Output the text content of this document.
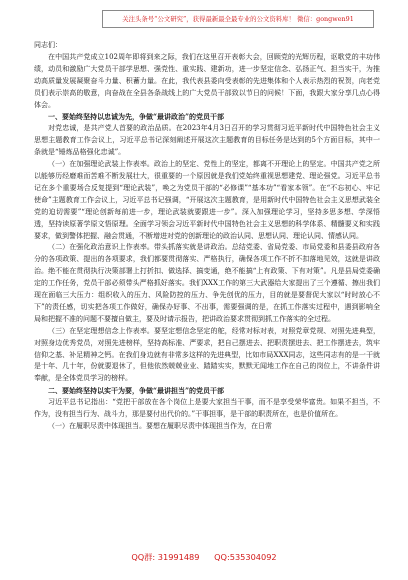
关注头条号“公文研究”，获得最新最全最专业的公文资料库！ 微信：gongwen91

同志们：

在中国共产党成立102周年即将到来之际，我们在这里召开表彰大会，回顾党的光辉历程，讴歌党的丰功伟绩，动员和激励广大党员干部学思想、强党性、重实践、建新功，进一步坚定信念、弘扬正气、担当实干，为推动高质量发展凝聚奋斗力量、积蓄力量。在此，我代表县委向受表彰的先进集体和个人表示热烈的祝贺，向老党员们表示崇高的敬意，向奋战在全县各条战线上的广大党员干部致以节日的问候！下面，我跟大家分享几点心得体会。

一、要始终坚持以忠诚为先，争做“最讲政治”的党员干部

对党忠诚，是共产党人首要的政治品质。在2023年4月3日召开的学习贯彻习近平新时代中国特色社会主义思想主题教育工作会议上，习近平总书记深刻阐述开展这次主题教育的目标任务是达到的5个方面目标，其中一条就是“锤炼品格强化忠诚”。

（一）在加强理论武装上作表率。政治上的坚定、党性上的坚定，都离不开理论上的坚定。中国共产党之所以能够历经磨难而苦难不断发展壮大，很重要的一个原因就是我们党始终重视思想建党、理论强党。习近平总书记在多个重要场合反复提到“理论武装”，唤之为党员干部的“必修课”“基本功”“看家本领”。在“不忘初心、牢记使命”主题教育工作会议上，习近平总书记强调，“开展这次主题教育，是用新时代中国特色社会主义思想武装全党的迫切需要”“理论创新每前进一步，理论武装就要跟进一步”。深入加强理论学习，坚持多思多想、学深悟透，坚持读原著学原文悟原理。全面学习领会习近平新时代中国特色社会主义思想的科学体系、精髓要义和实践要求，做到警体把握、融会贯通，不断增进对党的创新理论的政治认同、思想认同、理论认同、情感认同。

（二）在强化政治意识上作表率。带头抓落实就是讲政治。总结党委、省局党委、市局党委和县委县政府各分的各项政策、提出的各项要求，我们都要贯彻落实、严格执行，确保各项工作不折不扣落地见效，这就是讲政治。绝不能在贯彻执行决策部署上打折扣、做选择、搞变通，绝不能搞“上有政策、下有对策”。凡是县局党委确定的工作任务，党员干部必须带头严格抓好落实。我们XXX工作的第三大武器给大家提出了三个遵循、擦出我们现在面临三大压力：组织收入的压力、风险防控的压力、争先创优的压力，目的就是要督促大家以“时时放心不下”的责任感，切实把各项工作做好，确保办好事、不出事，需要强调的是，在抓工作落实过程中，遇到影响全局和把握不准的问题不要擅自做主，要及时请示报告，把讲政治要求贯彻到抓工作落实的全过程。

（三）在坚定理想信念上作表率。要坚定想信念坚定的舵，经常对标对表，对照党章党规、对照先进典型，对照身边优秀党员，对照先进榜样，坚持高标准、严要求，把自己摆进去、把职责摆进去、把工作摆进去，筑牢信仰之基、补足精神之钙。在我们身边就有非常多这样的先进典型，比如市局XXX同志，这些同志有的是一干就是十年、几十年，份就要退休了，但他依然兢兢业业、踏踏实实，默默无闻地工作在自己的岗位上，不讲条件讲奉献，是全体党员学习的榜样。

二、要始终坚持以实干为要，争做“最讲担当”的党员干部

习近平总书记指出：“党把干部放在各个岗位上是要大家担当干事，而不是享受荣华富贵。如果不担当，不作为，没有担当行为、战斗力，那是要付出代价的。”干事担事，是干部的职责所在，也是价值所在。

（一）在履职尽责中体现担当。要想在履职尽责中体现担当作为，在日常

QQ群: 31991489 QQ:535304092
